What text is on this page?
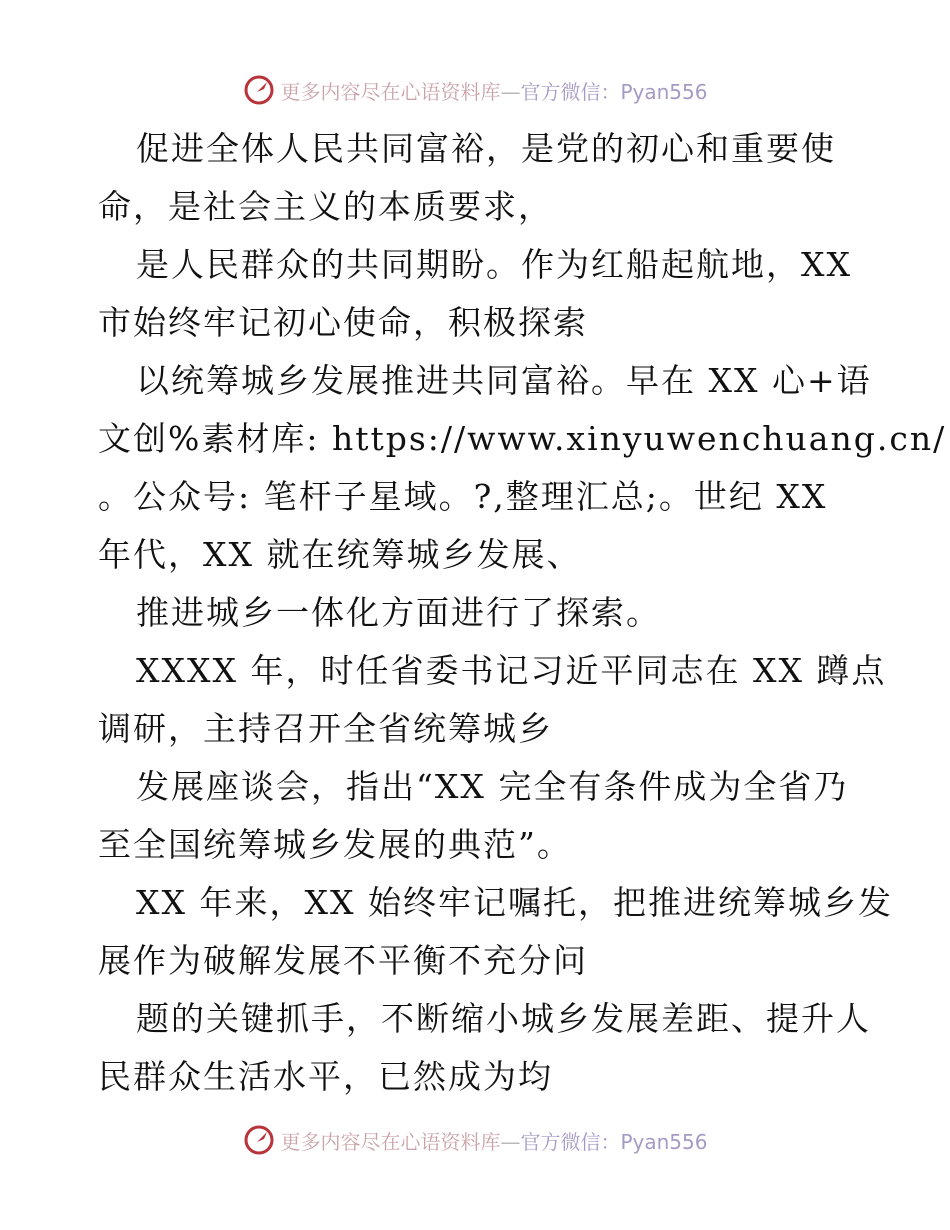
更多内容尽在心语资料库—官方微信：Pyan556
促进全体人民共同富裕，是党的初心和重要使
命，是社会主义的本质要求，
是人民群众的共同期盼。作为红船起航地，XX
市始终牢记初心使命，积极探索
以统筹城乡发展推进共同富裕。早在 XX 心+语
文创%素材库: https://www.xinyuwenchuang.cn/
。公众号: 笔杆子星域。?,整理汇总;。世纪 XX
年代，XX 就在统筹城乡发展、
推进城乡一体化方面进行了探索。
XXXX 年，时任省委书记习近平同志在 XX 蹲点
调研，主持召开全省统筹城乡
发展座谈会，指出“XX 完全有条件成为全省乃
至全国统筹城乡发展的典范”。
XX 年来，XX 始终牢记嘱托，把推进统筹城乡发
展作为破解发展不平衡不充分问
题的关键抓手，不断缩小城乡发展差距、提升人
民群众生活水平，已然成为均
更多内容尽在心语资料库—官方微信：Pyan556
